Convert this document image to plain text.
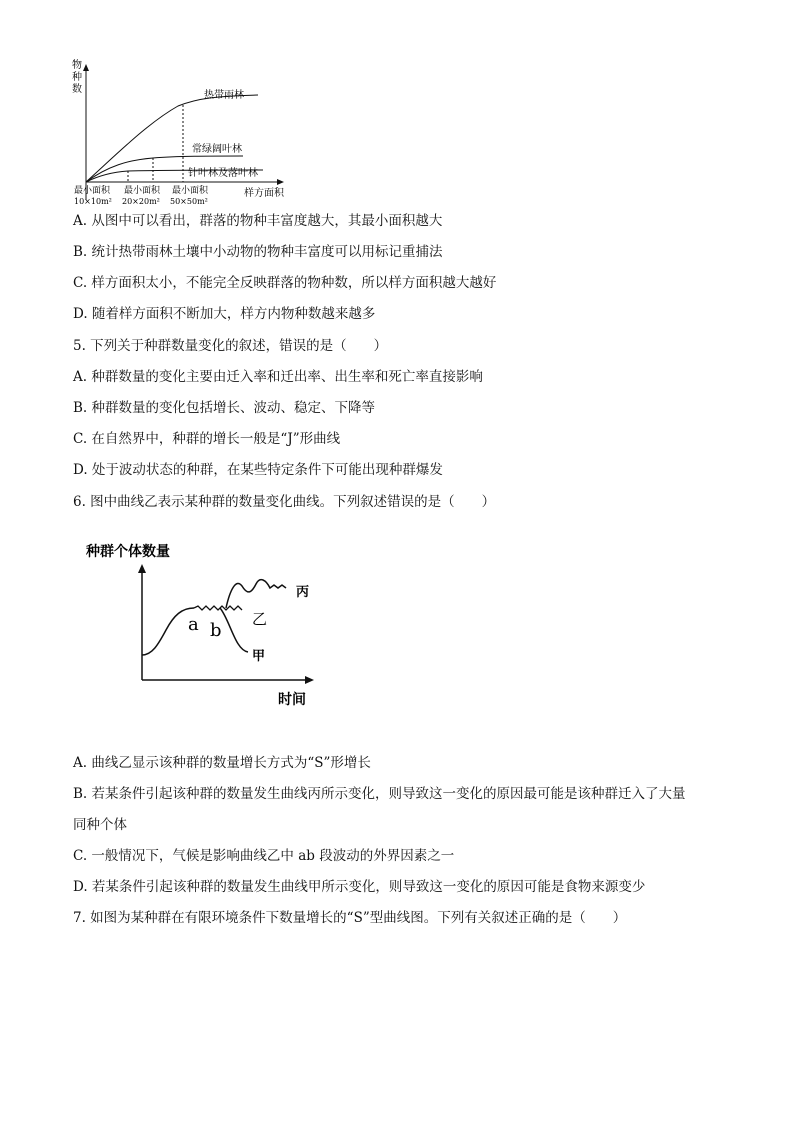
物
种
数
热带雨林
常绿阔叶林
针叶林及落叶林
最小面积
10×10m²
最小面积
20×20m²
最小面积
50×50m²
样方面积
A. 从图中可以看出，群落的物种丰富度越大，其最小面积越大
B. 统计热带雨林土壤中小动物的物种丰富度可以用标记重捕法
C. 样方面积太小，不能完全反映群落的物种数，所以样方面积越大越好
D. 随着样方面积不断加大，样方内物种数越来越多
5. 下列关于种群数量变化的叙述，错误的是（　　）
A. 种群数量的变化主要由迁入率和迁出率、出生率和死亡率直接影响
B. 种群数量的变化包括增长、波动、稳定、下降等
C. 在自然界中，种群的增长一般是“J”形曲线
D. 处于波动状态的种群，在某些特定条件下可能出现种群爆发
6. 图中曲线乙表示某种群的数量变化曲线。下列叙述错误的是（　　）
种群个体数量
a b
乙
甲
丙
时间
A. 曲线乙显示该种群的数量增长方式为“S”形增长
B. 若某条件引起该种群的数量发生曲线丙所示变化，则导致这一变化的原因最可能是该种群迁入了大量
同种个体
C. 一般情况下，气候是影响曲线乙中 ab 段波动的外界因素之一
D. 若某条件引起该种群的数量发生曲线甲所示变化，则导致这一变化的原因可能是食物来源变少
7. 如图为某种群在有限环境条件下数量增长的“S”型曲线图。下列有关叙述正确的是（　　）
